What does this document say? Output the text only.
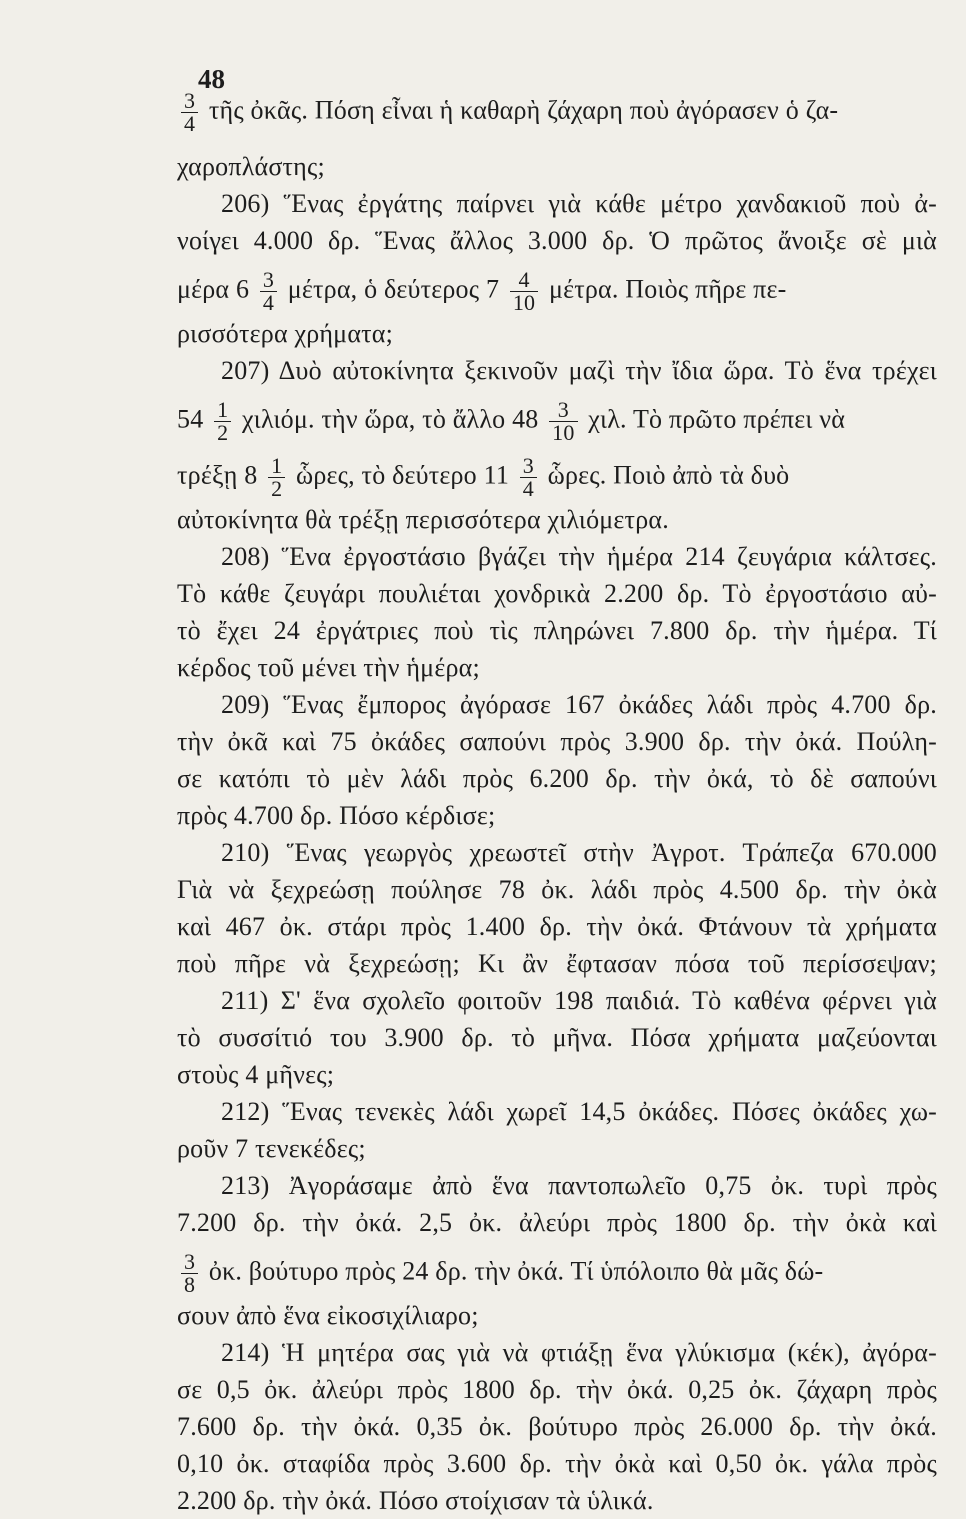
48
$\frac{3}{4}$ τῆς ὀκᾶς. Πόση εἶναι ἡ καθαρὴ ζάχαρη ποὺ ἀγόρασεν ὁ ζα-
χαροπλάστης;
206) Ἕνας ἐργάτης παίρνει γιὰ κάθε μέτρο χανδακιοῦ ποὺ ἀ-
νοίγει 4.000 δρ. Ἕνας ἄλλος 3.000 δρ. Ὁ πρῶτος ἄνοιξε σὲ μιὰ
μέρα $6 \frac{3}{4} \mu έ\tau\rho\alpha$, ὁ δεύτερος $7 \frac{4}{10} \mu έ\tau\rho\alpha$. Ποιὸς πῆρε πε-
ρισσότερα χρήματα;
207) Δυὸ αὐτοκίνητα ξεκινοῦν μαζὶ τὴν ἴδια ὥρα. Τὸ ἕνα τρέχει
$54 \frac{1}{2} \chi\iota\lambda\iota ό\mu$. τὴν ὥρα, τὸ ἄλλο $48 \frac{3}{10} \chi\iota\lambda$. Τὸ πρῶτο πρέπει νὰ
τρέξῃ $8 \frac{1}{2}$ ὧρες, τὸ δεύτερο $11 \frac{3}{4}$ ὧρες. Ποιὸ ἀπὸ τὰ δυὸ
αὐτοκίνητα θὰ τρέξῃ περισσότερα χιλιόμετρα.
208) Ἕνα ἐργοστάσιο βγάζει τὴν ἡμέρα 214 ζευγάρια κάλτσες.
Τὸ κάθε ζευγάρι πουλιέται χονδρικὰ 2.200 δρ. Τὸ ἐργοστάσιο αὐ-
τὸ ἔχει 24 ἐργάτριες ποὺ τὶς πληρώνει 7.800 δρ. τὴν ἡμέρα. Τί
κέρδος τοῦ μένει τὴν ἡμέρα;
209) Ἕνας ἔμπορος ἀγόρασε 167 ὀκάδες λάδι πρὸς 4.700 δρ.
τὴν ὀκᾶ καὶ 75 ὀκάδες σαπούνι πρὸς 3.900 δρ. τὴν ὀκά. Πούλη-
σε κατόπι τὸ μὲν λάδι πρὸς 6.200 δρ. τὴν ὀκά, τὸ δὲ σαπούνι
πρὸς 4.700 δρ. Πόσο κέρδισε;
210) Ἕνας γεωργὸς χρεωστεῖ στὴν Ἀγροτ. Τράπεζα 670.000
Γιὰ νὰ ξεχρεώσῃ πούλησε 78 ὀκ. λάδι πρὸς 4.500 δρ. τὴν ὀκὰ
καὶ 467 ὀκ. στάρι πρὸς 1.400 δρ. τὴν ὀκά. Φτάνουν τὰ χρήματα
ποὺ πῆρε νὰ ξεχρεώσῃ; Κι ἂν ἔφτασαν πόσα τοῦ περίσσεψαν;
211) Σ' ἕνα σχολεῖο φοιτοῦν 198 παιδιά. Τὸ καθένα φέρνει γιὰ
τὸ συσσίτιό του 3.900 δρ. τὸ μῆνα. Πόσα χρήματα μαζεύονται
στοὺς 4 μῆνες;
212) Ἕνας τενεκὲς λάδι χωρεῖ 14,5 ὀκάδες. Πόσες ὀκάδες χω-
ροῦν 7 τενεκέδες;
213) Ἀγοράσαμε ἀπὸ ἕνα παντοπωλεῖο 0,75 ὀκ. τυρὶ πρὸς
7.200 δρ. τὴν ὀκά. 2,5 ὀκ. ἀλεύρι πρὸς 1800 δρ. τὴν ὀκὰ καὶ
$\frac{3}{8}$ ὀκ. βούτυρο πρὸς 24 δρ. τὴν ὀκά. Τί ὑπόλοιπο θὰ μᾶς δώ-
σουν ἀπὸ ἕνα εἰκοσιχίλιαρο;
214) Ἡ μητέρα σας γιὰ νὰ φτιάξῃ ἕνα γλύκισμα (κέκ), ἀγόρα-
σε 0,5 ὀκ. ἀλεύρι πρὸς 1800 δρ. τὴν ὀκά. 0,25 ὀκ. ζάχαρη πρὸς
7.600 δρ. τὴν ὀκά. 0,35 ὀκ. βούτυρο πρὸς 26.000 δρ. τὴν ὀκά.
0,10 ὀκ. σταφίδα πρὸς 3.600 δρ. τὴν ὀκὰ καὶ 0,50 ὀκ. γάλα πρὸς
2.200 δρ. τὴν ὀκά. Πόσο στοίχισαν τὰ ὑλικά.
